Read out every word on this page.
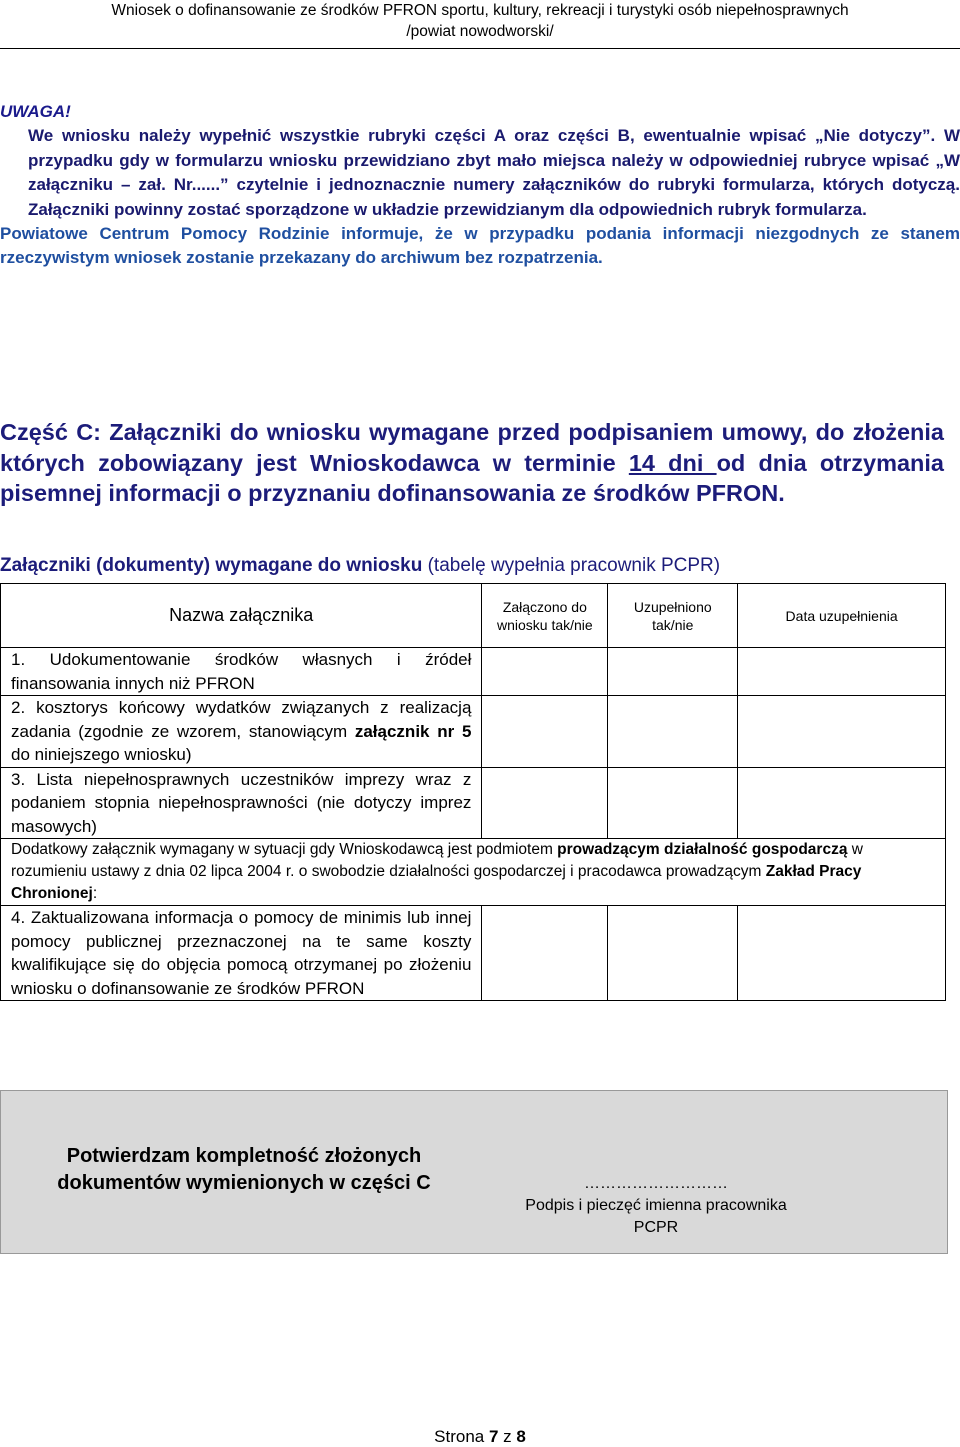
Wniosek o dofinansowanie ze środków PFRON sportu, kultury, rekreacji i turystyki osób niepełnosprawnych
/powiat nowodworski/

UWAGA!

We wniosku należy wypełnić wszystkie rubryki części A oraz części B, ewentualnie wpisać „Nie dotyczy”. W przypadku gdy w formularzu wniosku przewidziano zbyt mało miejsca należy w odpowiedniej rubryce wpisać „W załączniku – zał. Nr......” czytelnie i jednoznacznie numery załączników do rubryki formularza, których dotyczą. Załączniki powinny zostać sporządzone w układzie przewidzianym dla odpowiednich rubryk formularza.

Powiatowe Centrum Pomocy Rodzinie informuje, że w przypadku podania informacji niezgodnych ze stanem rzeczywistym wniosek zostanie przekazany do archiwum bez rozpatrzenia.

Część C: Załączniki do wniosku wymagane przed podpisaniem umowy, do złożenia których zobowiązany jest Wnioskodawca w terminie 14 dni od dnia otrzymania pisemnej informacji o przyznaniu dofinansowania ze środków PFRON.
Załączniki (dokumenty) wymagane do wniosku (tabelę wypełnia pracownik PCPR)
Nazwa załącznika	Załączono do wniosku tak/nie	Uzupełniono tak/nie	Data uzupełnienia
1. Udokumentowanie środków własnych i źródeł finansowania innych niż PFRON			
2. kosztorys końcowy wydatków związanych z realizacją zadania (zgodnie ze wzorem, stanowiącym załącznik nr 5 do niniejszego wniosku)			
3. Lista niepełnosprawnych uczestników imprezy wraz z podaniem stopnia niepełnosprawności (nie dotyczy imprez masowych)			
Dodatkowy załącznik wymagany w sytuacji gdy Wnioskodawcą jest podmiotem prowadzącym działalność gospodarczą w rozumieniu ustawy z dnia 02 lipca 2004 r. o swobodzie działalności gospodarczej i pracodawca prowadzącym Zakład Pracy Chronionej:			
4. Zaktualizowana informacja o pomocy de minimis lub innej pomocy publicznej przeznaczonej na te same koszty kwalifikujące się do objęcia pomocą otrzymanej po złożeniu wniosku o dofinansowanie ze środków PFRON			
Potwierdzam kompletność złożonych dokumentów wymienionych w części C	………………………
Podpis i pieczęć imienna pracownika PCPR
Strona 7 z 8
